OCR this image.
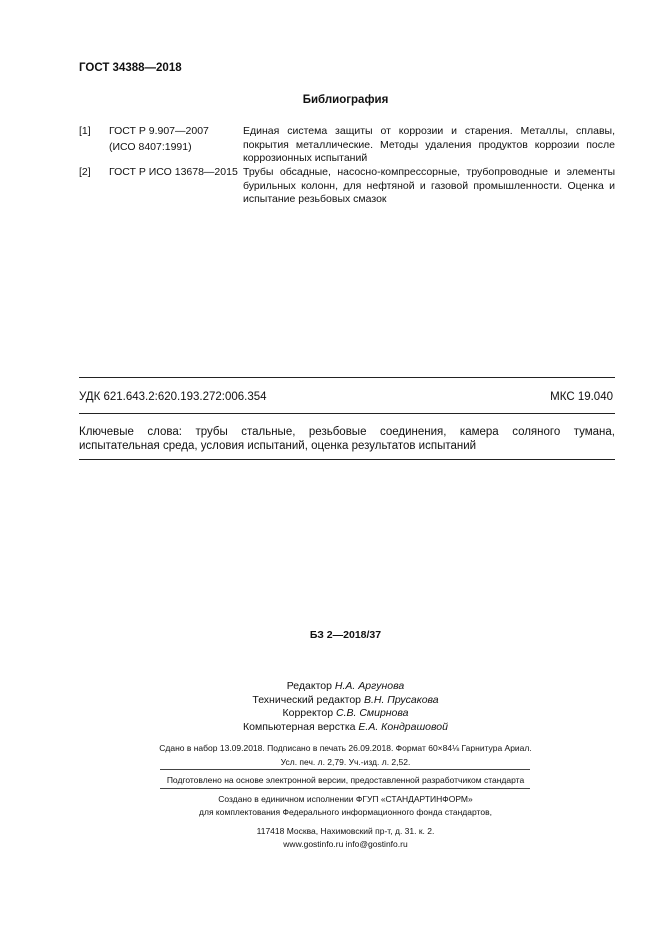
ГОСТ 34388—2018
Библиография
[1] ГОСТ Р 9.907—2007
(ИСО 8407:1991)
Единая система защиты от коррозии и старения. Металлы, сплавы, покрытия металлические. Методы удаления продуктов коррозии после коррозионных испытаний
[2] ГОСТ Р ИСО 13678—2015 Трубы обсадные, насосно-компрессорные, трубопроводные и элементы бурильных колонн, для нефтяной и газовой промышленности. Оценка и испытание резьбовых смазок
УДК 621.643.2:620.193.272:006.354	МКС 19.040
Ключевые слова: трубы стальные, резьбовые соединения, камера соляного тумана, испытательная среда, условия испытаний, оценка результатов испытаний
БЗ 2—2018/37
Редактор Н.А. Аргунова
Технический редактор В.Н. Прусакова
Корректор С.В. Смирнова
Компьютерная верстка Е.А. Кондрашовой
Сдано в набор 13.09.2018. Подписано в печать 26.09.2018. Формат 60×84⅛ Гарнитура Ариал.
Усл. печ. л. 2,79. Уч.-изд. л. 2,52.
Подготовлено на основе электронной версии, предоставленной разработчиком стандарта
Создано в единичном исполнении ФГУП «СТАНДАРТИНФОРМ»
для комплектования Федерального информационного фонда стандартов,
117418 Москва, Нахимовский пр-т, д. 31. к. 2.
www.gostinfo.ru info@gostinfo.ru
